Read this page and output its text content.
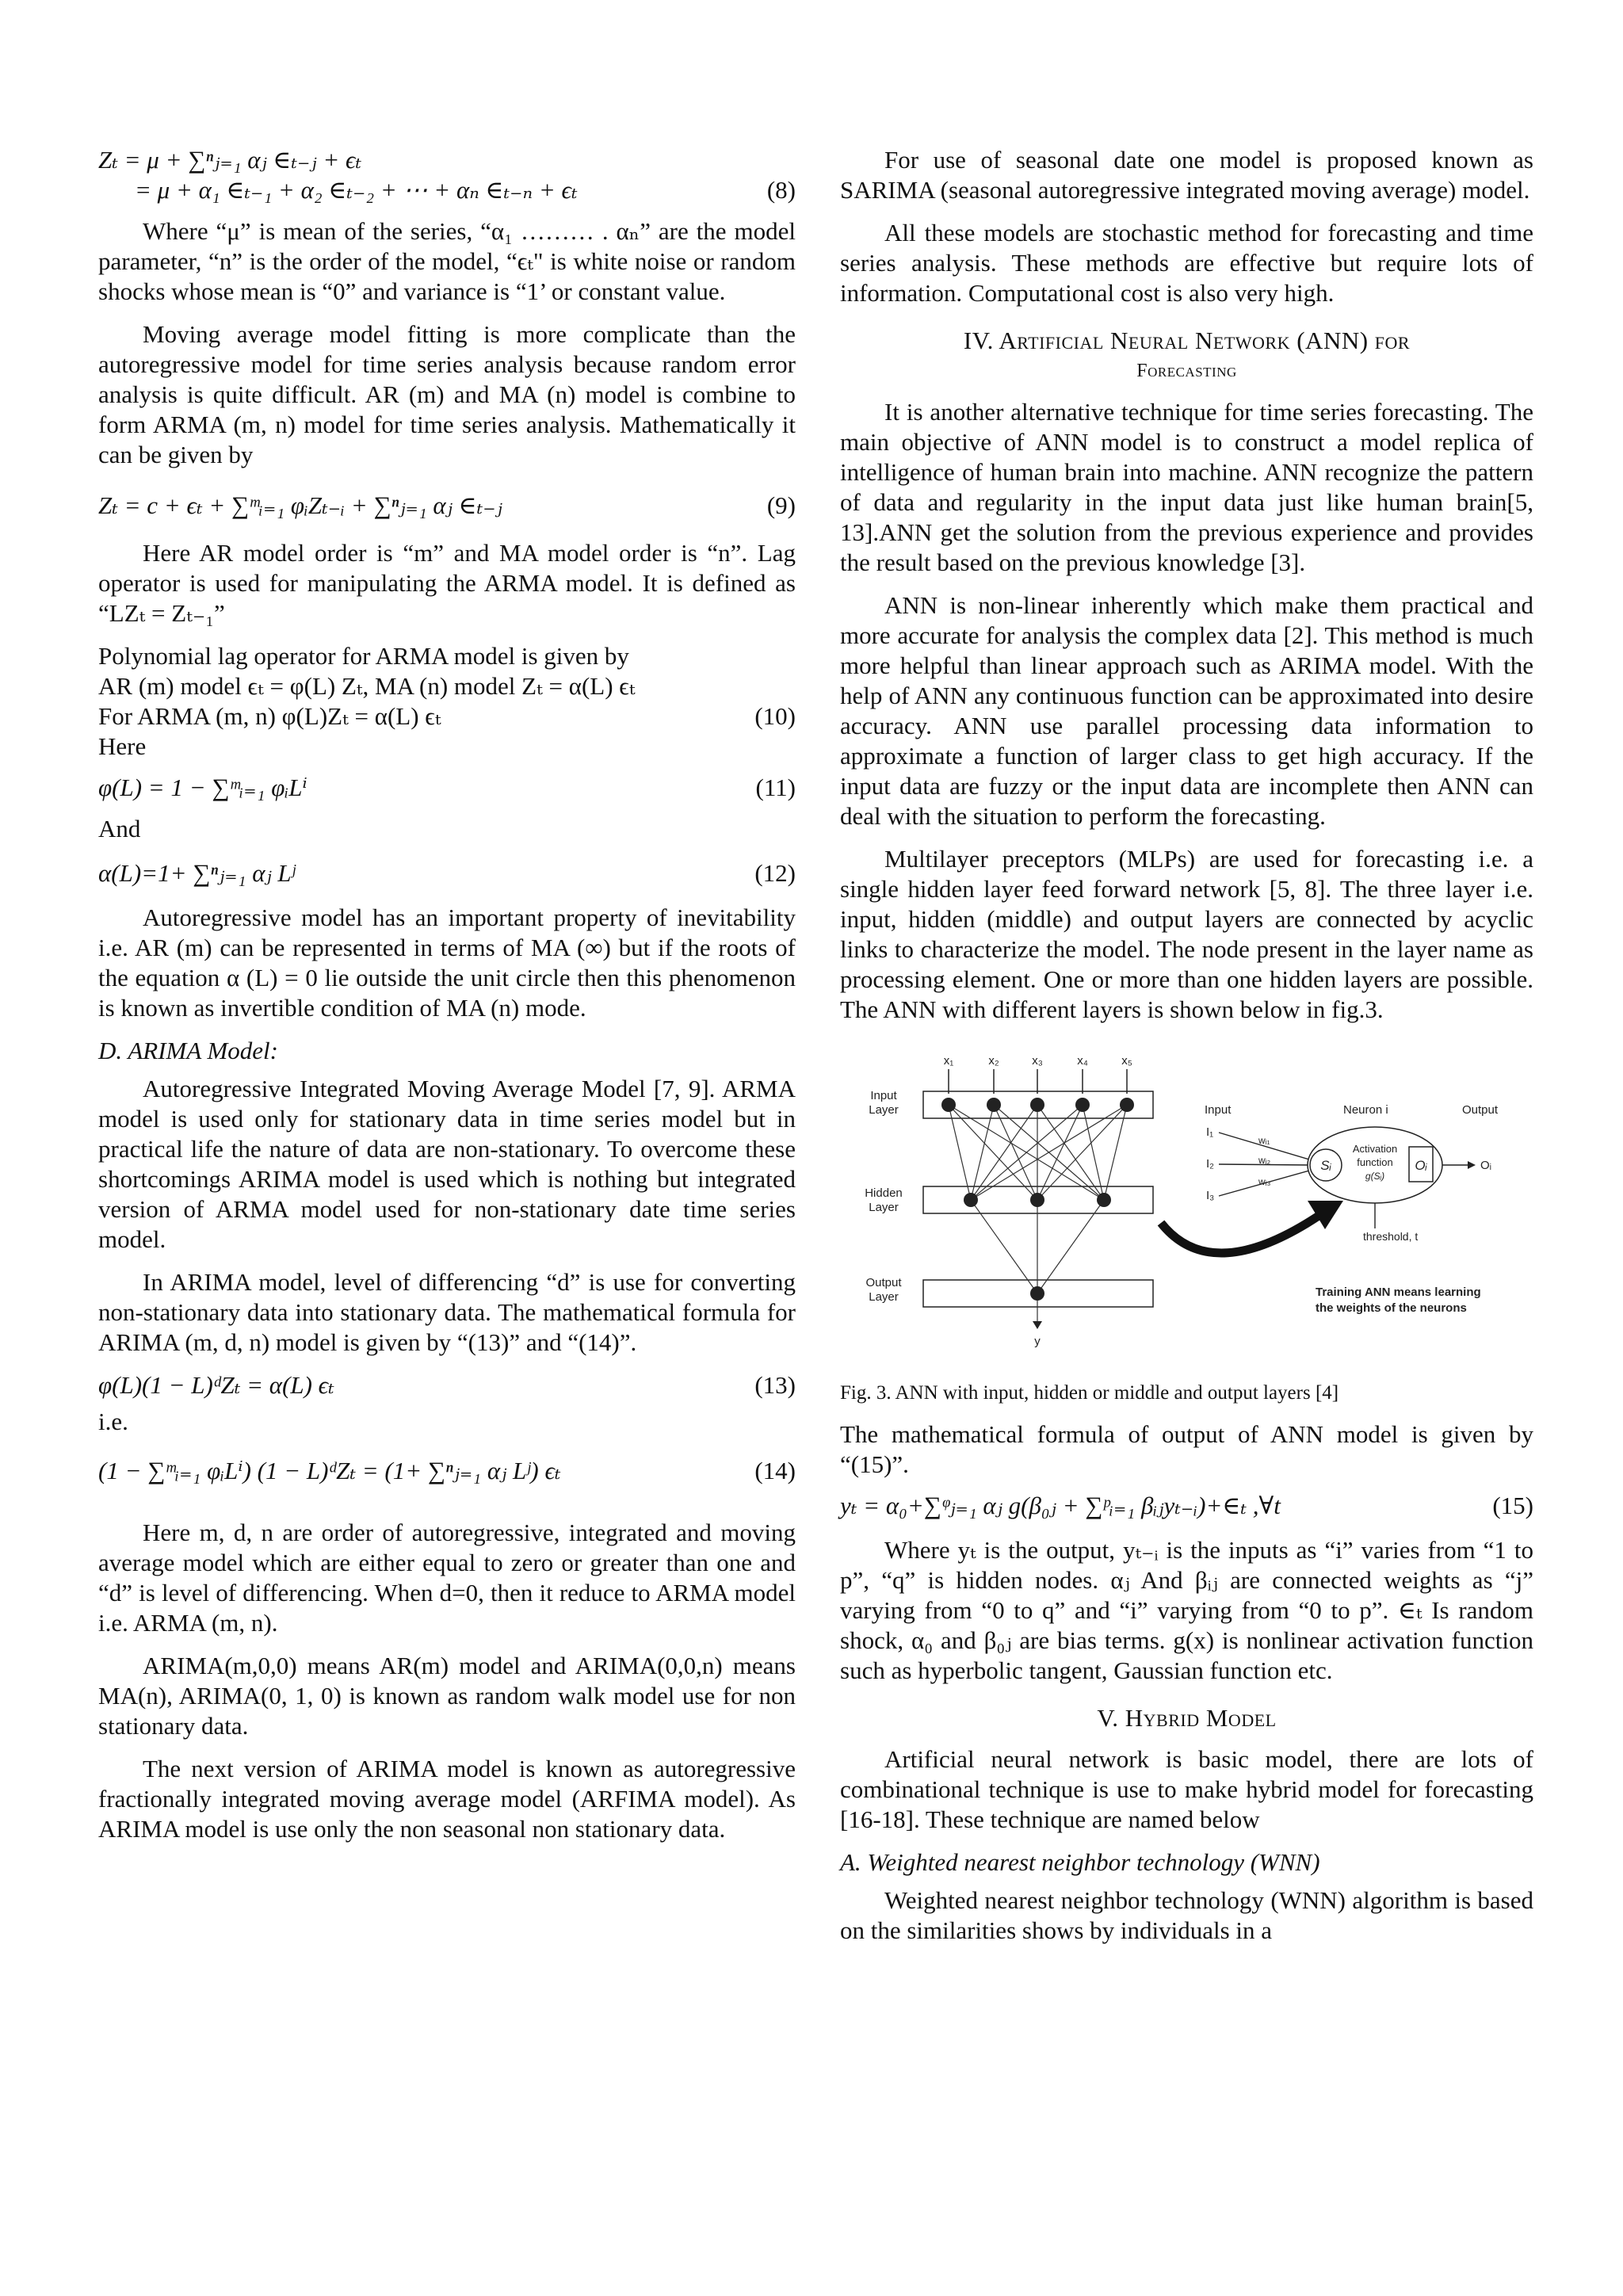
Zₜ = μ + ∑ⁿⱼ₌₁ αⱼ ∈ₜ₋ⱼ + ϵₜ
= μ + α₁ ∈ₜ₋₁ + α₂ ∈ₜ₋₂ + ⋯ + αₙ ∈ₜ₋ₙ + ϵₜ	(8)

Where “μ” is mean of the series, “α₁ ……… . αₙ” are the model parameter, “n” is the order of the model, “ϵₜ" is white noise or random shocks whose mean is “0” and variance is “1’ or constant value.

Moving average model fitting is more complicate than the autoregressive model for time series analysis because random error analysis is quite difficult. AR (m) and MA (n) model is combine to form ARMA (m, n) model for time series analysis. Mathematically it can be given by

Zₜ = c + ϵₜ + ∑ᵐᵢ₌₁ φᵢZₜ₋ᵢ + ∑ⁿⱼ₌₁ αⱼ ∈ₜ₋ⱼ	(9)

Here AR model order is “m” and MA model order is “n”. Lag operator is used for manipulating the ARMA model. It is defined as “LZₜ = Zₜ₋₁”

Polynomial lag operator for ARMA model is given by

AR (m) model ϵₜ = φ(L) Zₜ, MA (n) model Zₜ = α(L) ϵₜ

For ARMA (m, n) φ(L)Zₜ = α(L) ϵₜ	(10)

Here

φ(L) = 1 − ∑ᵐᵢ₌₁ φᵢLⁱ	(11)

And

α(L)=1+ ∑ⁿⱼ₌₁ αⱼ Lʲ	(12)

Autoregressive model has an important property of inevitability i.e. AR (m) can be represented in terms of MA (∞) but if the roots of the equation α (L) = 0 lie outside the unit circle then this phenomenon is known as invertible condition of MA (n) mode.

D. ARIMA Model:

Autoregressive Integrated Moving Average Model [7, 9]. ARMA model is used only for stationary data in time series model but in practical life the nature of data are non-stationary. To overcome these shortcomings ARIMA model is used which is nothing but integrated version of ARMA model used for non-stationary date time series model.

In ARIMA model, level of differencing “d” is use for converting non-stationary data into stationary data. The mathematical formula for ARIMA (m, d, n) model is given by “(13)” and “(14)”.

φ(L)(1 − L)ᵈZₜ = α(L) ϵₜ	(13)

i.e.

(1 − ∑ᵐᵢ₌₁ φᵢLⁱ) (1 − L)ᵈZₜ = (1+ ∑ⁿⱼ₌₁ αⱼ Lʲ) ϵₜ	(14)

Here m, d, n are order of autoregressive, integrated and moving average model which are either equal to zero or greater than one and “d” is level of differencing. When d=0, then it reduce to ARMA model i.e. ARMA (m, n).

ARIMA(m,0,0) means AR(m) model and ARIMA(0,0,n) means MA(n), ARIMA(0, 1, 0) is known as random walk model use for non stationary data.

The next version of ARIMA model is known as autoregressive fractionally integrated moving average model (ARFIMA model). As ARIMA model is use only the non seasonal non stationary data.

For use of seasonal date one model is proposed known as SARIMA (seasonal autoregressive integrated moving average) model.

All these models are stochastic method for forecasting and time series analysis. These methods are effective but require lots of information. Computational cost is also very high.

IV. Artificial Neural Network (ANN) for
Forecasting

It is another alternative technique for time series forecasting. The main objective of ANN model is to construct a model replica of intelligence of human brain into machine. ANN recognize the pattern of data and regularity in the input data just like human brain[5, 13].ANN get the solution from the previous experience and provides the result based on the previous knowledge [3].

ANN is non-linear inherently which make them practical and more accurate for analysis the complex data [2]. This method is much more helpful than linear approach such as ARIMA model. With the help of ANN any continuous function can be approximated into desire accuracy. ANN use parallel processing data information to approximate a function of larger class to get high accuracy. If the input data are fuzzy or the input data are incomplete then ANN can deal with the situation to perform the forecasting.

Multilayer preceptors (MLPs) are used for forecasting i.e. a single hidden layer feed forward network [5, 8]. The three layer i.e. input, hidden (middle) and output layers are connected by acyclic links to characterize the model. The node present in the layer name as processing element. One or more than one hidden layers are possible. The ANN with different layers is shown below in fig.3.

x₁	x₂	x₃	x₄	x₅
Input
Layer
Hidden
Layer
Output
Layer
y
Input	Neuron i	Output
I₁
I₂
I₃
wᵢ₁
wᵢ₂
wᵢ₃
Sᵢ
Activation
function
g(Sᵢ)
Oᵢ	Oᵢ
threshold, t
Training ANN means learning
the weights of the neurons

Fig. 3. ANN with input, hidden or middle and output layers [4]

The mathematical formula of output of ANN model is given by “(15)”.

yₜ = α₀+∑ᵠⱼ₌₁ αⱼ g(β₀ⱼ + ∑ᵖᵢ₌₁ βᵢⱼyₜ₋ᵢ)+∈ₜ ,∀t	(15)

Where yₜ is the output, yₜ₋ᵢ is the inputs as “i” varies from “1 to p”, “q” is hidden nodes. αⱼ And βᵢⱼ are connected weights as “j” varying from “0 to q” and “i” varying from “0 to p”. ∈ₜ Is random shock, α₀ and β₀ⱼ are bias terms. g(x) is nonlinear activation function such as hyperbolic tangent, Gaussian function etc.

V. Hybrid Model

Artificial neural network is basic model, there are lots of combinational technique is use to make hybrid model for forecasting [16-18]. These technique are named below

A. Weighted nearest neighbor technology (WNN)

Weighted nearest neighbor technology (WNN) algorithm is based on the similarities shows by individuals in a
